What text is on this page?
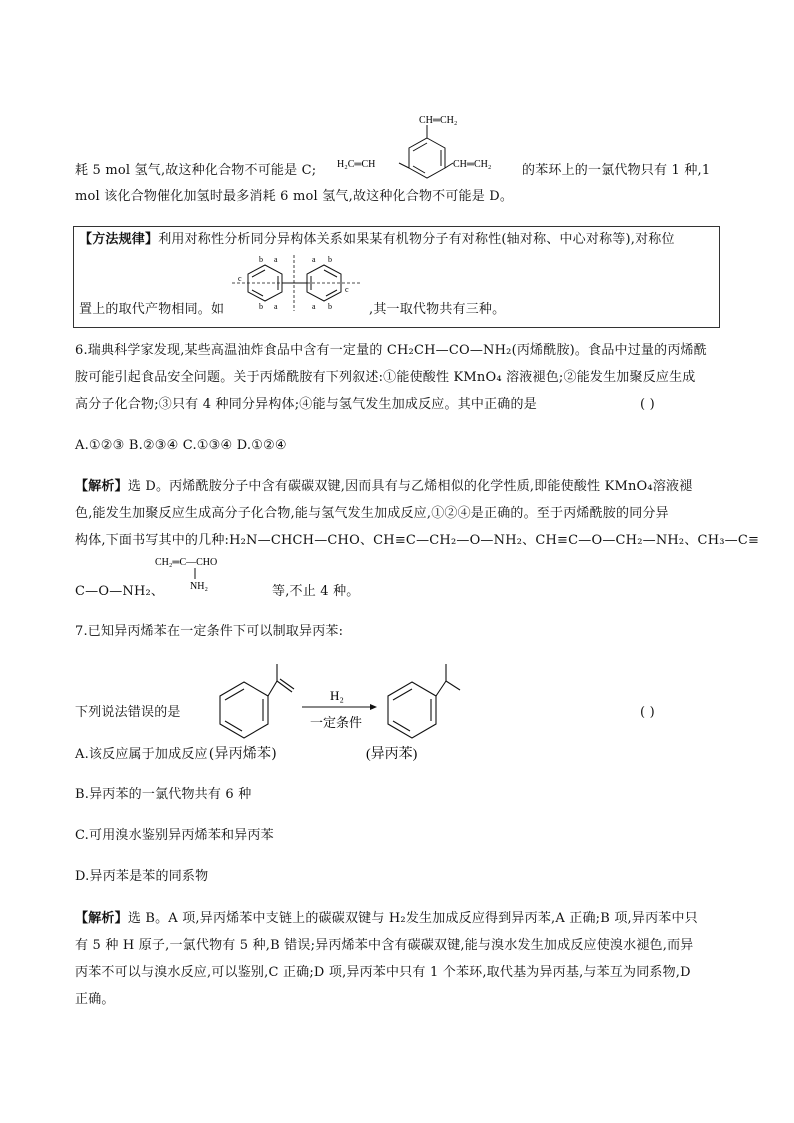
耗 5 mol 氢气,故这种化合物不可能是 C;
CH═CH₂
H₂C═CH	CH═CH₂ 的苯环上的一氯代物只有 1 种,1
mol 该化合物催化加氢时最多消耗 6 mol 氢气,故这种化合物不可能是 D。
【方法规律】利用对称性分析同分异构体关系如果某有机物分子有对称性(轴对称、中心对称等),对称位
置上的取代产物相同。如
b a	a b
c
c
b a	a b	,其一取代物共有三种。
6.瑞典科学家发现,某些高温油炸食品中含有一定量的 CH₂CH—CO—NH₂(丙烯酰胺)。食品中过量的丙烯酰
胺可能引起食品安全问题。关于丙烯酰胺有下列叙述:①能使酸性 KMnO₄ 溶液褪色;②能发生加聚反应生成
高分子化合物;③只有 4 种同分异构体;④能与氢气发生加成反应。其中正确的是	( )
A.①②③ B.②③④ C.①③④ D.①②④
【解析】选 D。丙烯酰胺分子中含有碳碳双键,因而具有与乙烯相似的化学性质,即能使酸性 KMnO₄溶液褪
色,能发生加聚反应生成高分子化合物,能与氢气发生加成反应,①②④是正确的。至于丙烯酰胺的同分异
构体,下面书写其中的几种:H₂N—CHCH—CHO、CH≡C—CH₂—O—NH₂、CH≡C—O—CH₂—NH₂、CH₃—C≡
CH₂═C—CHO
NH₂
C—O—NH₂、	等,不止 4 种。
7.已知异丙烯苯在一定条件下可以制取异丙苯:
下列说法错误的是
H₂
一定条件
(异丙苯)
( )
A.该反应属于加成反应(异丙烯苯)
B.异丙苯的一氯代物共有 6 种
C.可用溴水鉴别异丙烯苯和异丙苯
D.异丙苯是苯的同系物
【解析】选 B。A 项,异丙烯苯中支链上的碳碳双键与 H₂发生加成反应得到异丙苯,A 正确;B 项,异丙苯中只
有 5 种 H 原子,一氯代物有 5 种,B 错误;异丙烯苯中含有碳碳双键,能与溴水发生加成反应使溴水褪色,而异
丙苯不可以与溴水反应,可以鉴别,C 正确;D 项,异丙苯中只有 1 个苯环,取代基为异丙基,与苯互为同系物,D
正确。
